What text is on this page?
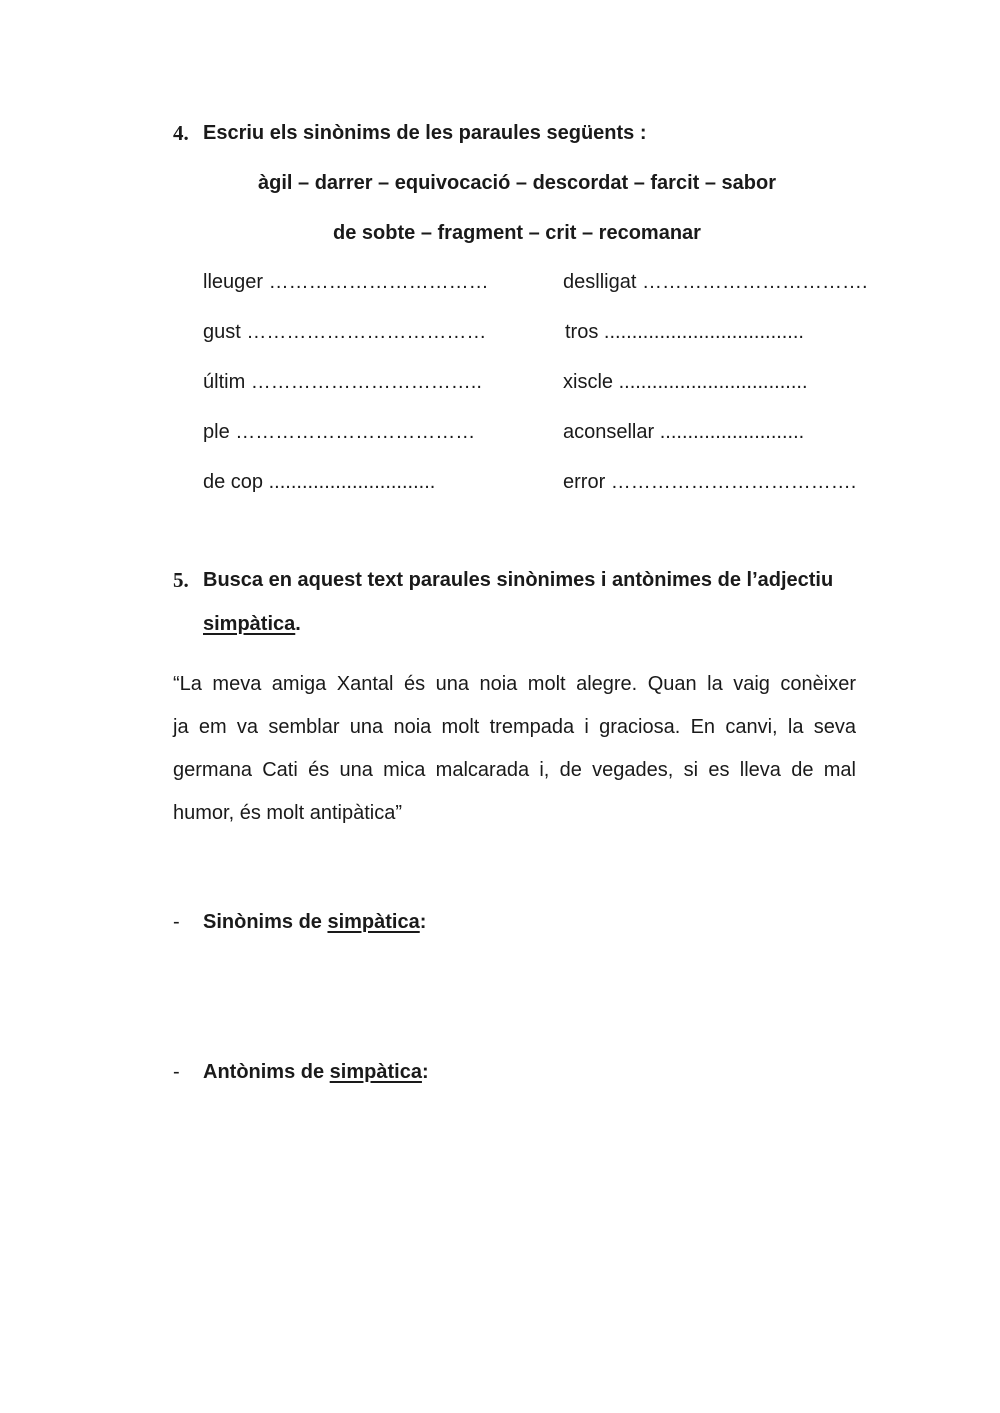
4. Escriu els sinònims de les paraules següents :
àgil – darrer – equivocació – descordat – farcit – sabor
de sobte – fragment – crit – recomanar
lleuger ……………………………
gust ………………………………
últim ……………………………..
ple ………………………………
de cop ..............................
deslligat …………………………….
tros ....................................
xiscle ..................................
aconsellar ..........................
error ……………………………….
5. Busca en aquest text paraules sinònimes i antònimes de l’adjectiu
simpàtica.
“La meva amiga Xantal és una noia molt alegre. Quan la vaig conèixer
ja em va semblar una noia molt trempada i graciosa. En canvi, la seva
germana Cati és una mica malcarada i, de vegades, si es lleva de mal
humor, és molt antipàtica”
- Sinònims de simpàtica:
- Antònims de simpàtica:
